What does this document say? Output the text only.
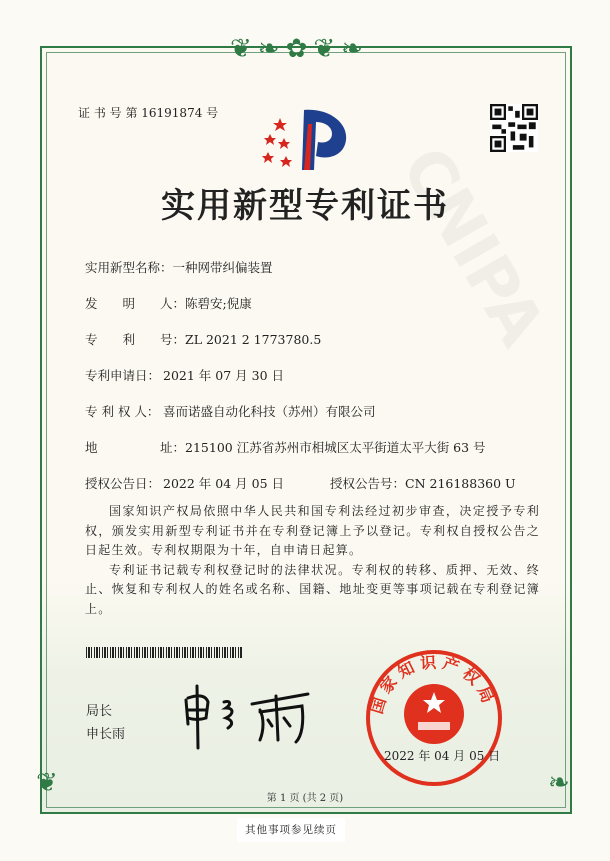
❦❧✿❦❧
❦	❧
证 书 号 第 16191874 号
实用新型专利证书
实用新型名称：一种网带纠偏装置
发　　明　　人：陈碧安;倪康
专　　利　　号：ZL 2021 2 1773780.5
专利申请日： 2021 年 07 月 30 日
专 利 权 人： 喜而诺盛自动化科技（苏州）有限公司
地　　　　　址：215100 江苏省苏州市相城区太平街道太平大街 63 号
授权公告日： 2022 年 04 月 05 日	授权公告号：CN 216188360 U

国家知识产权局依照中华人民共和国专利法经过初步审查，决定授予专利权，颁发实用新型专利证书并在专利登记簿上予以登记。专利权自授权公告之日起生效。专利权期限为十年，自申请日起算。

专利证书记载专利权登记时的法律状况。专利权的转移、质押、无效、终止、恢复和专利权人的姓名或名称、国籍、地址变更等事项记载在专利登记簿上。

局长
申长雨
国家知识产权局
2022 年 04 月 05 日
第 1 页 (共 2 页)
其他事项参见续页
